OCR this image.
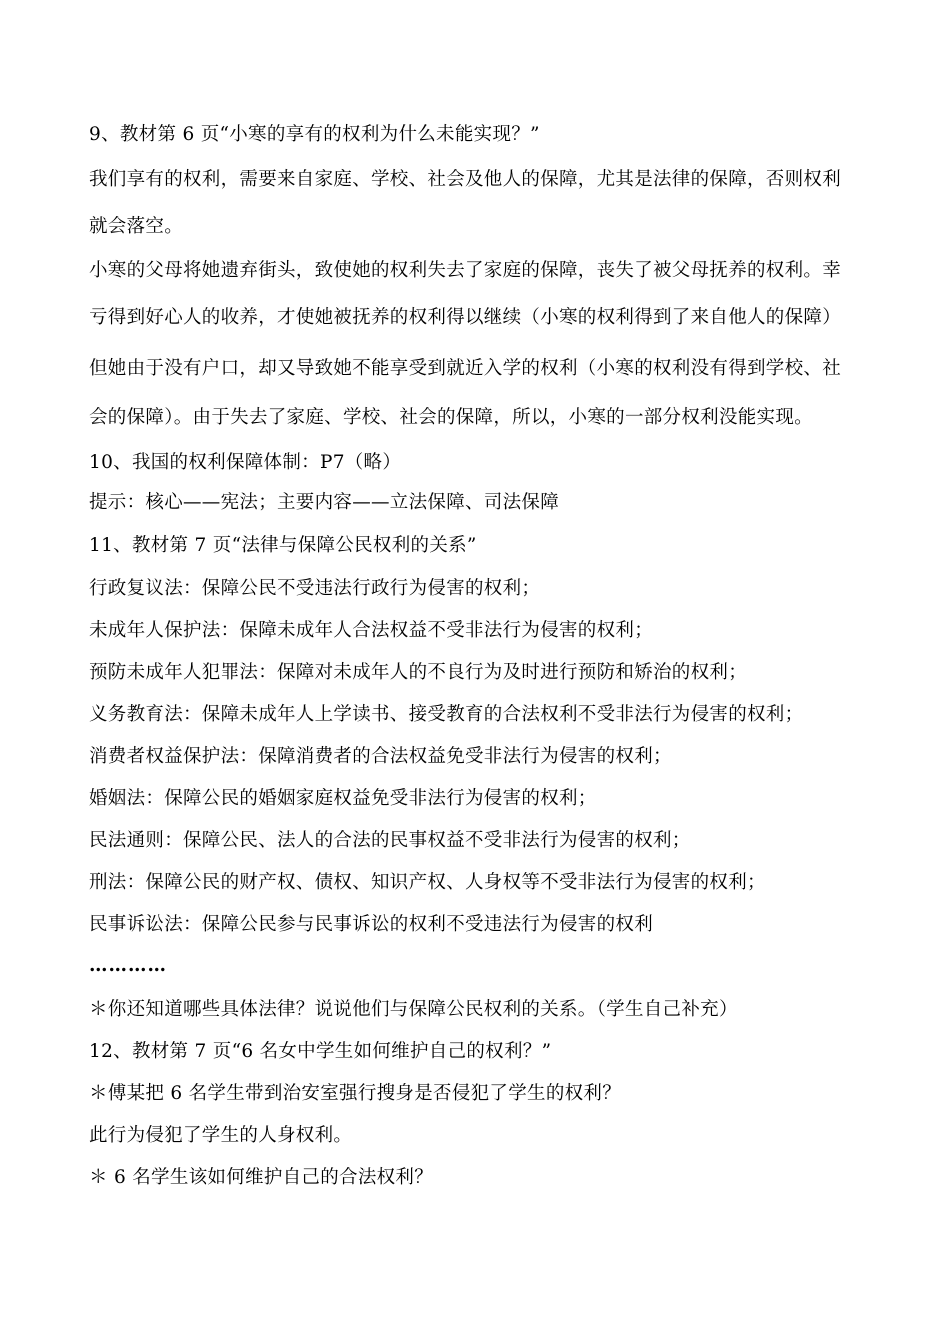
9、教材第 6 页“小寒的享有的权利为什么未能实现？”
我们享有的权利，需要来自家庭、学校、社会及他人的保障，尤其是法律的保障，否则权利
就会落空。
小寒的父母将她遗弃街头，致使她的权利失去了家庭的保障，丧失了被父母抚养的权利。幸
亏得到好心人的收养，才使她被抚养的权利得以继续（小寒的权利得到了来自他人的保障）
但她由于没有户口，却又导致她不能享受到就近入学的权利（小寒的权利没有得到学校、社
会的保障）。由于失去了家庭、学校、社会的保障，所以，小寒的一部分权利没能实现。
10、我国的权利保障体制：P7（略）
提示：核心——宪法；主要内容——立法保障、司法保障
11、教材第 7 页“法律与保障公民权利的关系”
行政复议法：保障公民不受违法行政行为侵害的权利；
未成年人保护法：保障未成年人合法权益不受非法行为侵害的权利；
预防未成年人犯罪法：保障对未成年人的不良行为及时进行预防和矫治的权利；
义务教育法：保障未成年人上学读书、接受教育的合法权利不受非法行为侵害的权利；
消费者权益保护法：保障消费者的合法权益免受非法行为侵害的权利；
婚姻法：保障公民的婚姻家庭权益免受非法行为侵害的权利；
民法通则：保障公民、法人的合法的民事权益不受非法行为侵害的权利；
刑法：保障公民的财产权、债权、知识产权、人身权等不受非法行为侵害的权利；
民事诉讼法：保障公民参与民事诉讼的权利不受违法行为侵害的权利
…………
＊你还知道哪些具体法律？说说他们与保障公民权利的关系。（学生自己补充）
12、教材第 7 页“6 名女中学生如何维护自己的权利？”
＊傅某把 6 名学生带到治安室强行搜身是否侵犯了学生的权利？
此行为侵犯了学生的人身权利。
＊ 6 名学生该如何维护自己的合法权利？
